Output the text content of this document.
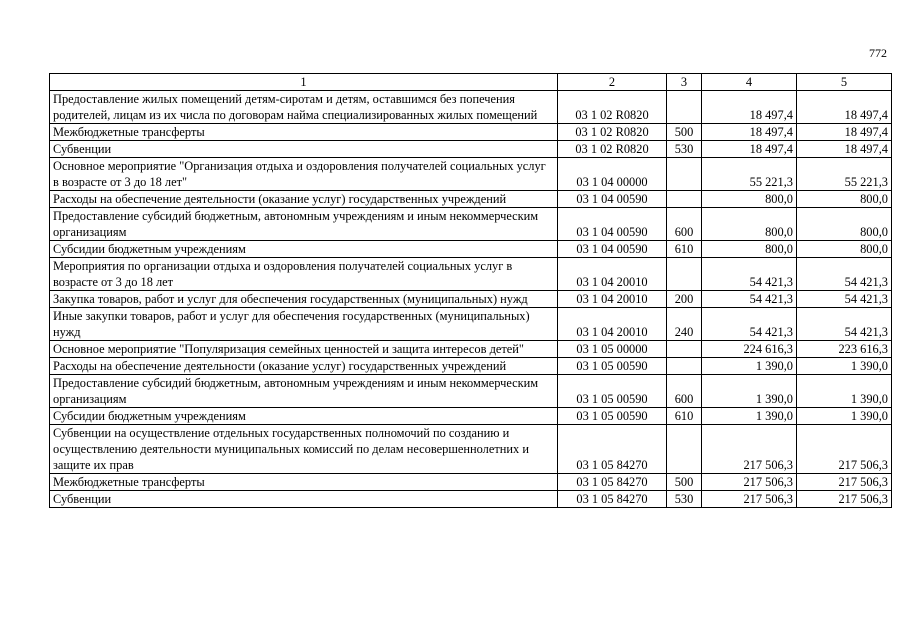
772
1	2	3	4	5
Предоставление жилых помещений детям-сиротам и детям, оставшимся без попечения родителей, лицам из их числа по договорам найма специализированных жилых помещений	03 1 02 R0820		18 497,4	18 497,4
Межбюджетные трансферты	03 1 02 R0820	500	18 497,4	18 497,4
Субвенции	03 1 02 R0820	530	18 497,4	18 497,4
Основное мероприятие "Организация отдыха и оздоровления получателей социальных услуг в возрасте от 3 до 18 лет"	03 1 04 00000		55 221,3	55 221,3
Расходы на обеспечение деятельности (оказание услуг) государственных учреждений	03 1 04 00590		800,0	800,0
Предоставление субсидий бюджетным, автономным учреждениям и иным некоммерческим организациям	03 1 04 00590	600	800,0	800,0
Субсидии бюджетным учреждениям	03 1 04 00590	610	800,0	800,0
Мероприятия по организации отдыха и оздоровления получателей социальных услуг в возрасте от 3 до 18 лет	03 1 04 20010		54 421,3	54 421,3
Закупка товаров, работ и услуг для обеспечения государственных (муниципальных) нужд	03 1 04 20010	200	54 421,3	54 421,3
Иные закупки товаров, работ и услуг для обеспечения государственных (муниципальных) нужд	03 1 04 20010	240	54 421,3	54 421,3
Основное мероприятие "Популяризация семейных ценностей и защита интересов детей"	03 1 05 00000		224 616,3	223 616,3
Расходы на обеспечение деятельности (оказание услуг) государственных учреждений	03 1 05 00590		1 390,0	1 390,0
Предоставление субсидий бюджетным, автономным учреждениям и иным некоммерческим организациям	03 1 05 00590	600	1 390,0	1 390,0
Субсидии бюджетным учреждениям	03 1 05 00590	610	1 390,0	1 390,0
Субвенции на осуществление отдельных государственных полномочий по созданию и осуществлению деятельности муниципальных комиссий по делам несовершеннолетних и защите их прав	03 1 05 84270		217 506,3	217 506,3
Межбюджетные трансферты	03 1 05 84270	500	217 506,3	217 506,3
Субвенции	03 1 05 84270	530	217 506,3	217 506,3
